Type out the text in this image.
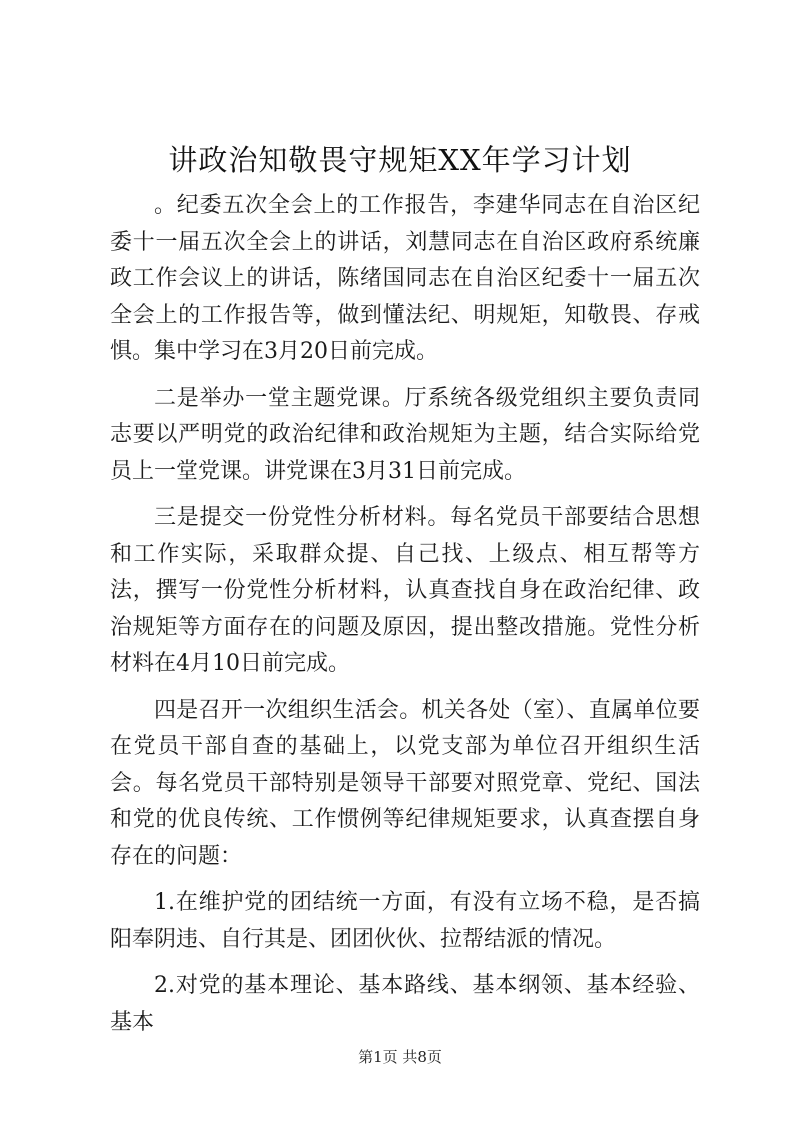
讲政治知敬畏守规矩XX年学习计划

。纪委五次全会上的工作报告，李建华同志在自治区纪委十一届五次全会上的讲话，刘慧同志在自治区政府系统廉政工作会议上的讲话，陈绪国同志在自治区纪委十一届五次全会上的工作报告等，做到懂法纪、明规矩，知敬畏、存戒惧。集中学习在3月20日前完成。

二是举办一堂主题党课。厅系统各级党组织主要负责同志要以严明党的政治纪律和政治规矩为主题，结合实际给党员上一堂党课。讲党课在3月31日前完成。

三是提交一份党性分析材料。每名党员干部要结合思想和工作实际，采取群众提、自己找、上级点、相互帮等方法，撰写一份党性分析材料，认真查找自身在政治纪律、政治规矩等方面存在的问题及原因，提出整改措施。党性分析材料在4月10日前完成。

四是召开一次组织生活会。机关各处（室）、直属单位要在党员干部自查的基础上，以党支部为单位召开组织生活会。每名党员干部特别是领导干部要对照党章、党纪、国法和党的优良传统、工作惯例等纪律规矩要求，认真查摆自身存在的问题：

1.在维护党的团结统一方面，有没有立场不稳，是否搞阳奉阴违、自行其是、团团伙伙、拉帮结派的情况。

2.对党的基本理论、基本路线、基本纲领、基本经验、基本

第1页 共8页
